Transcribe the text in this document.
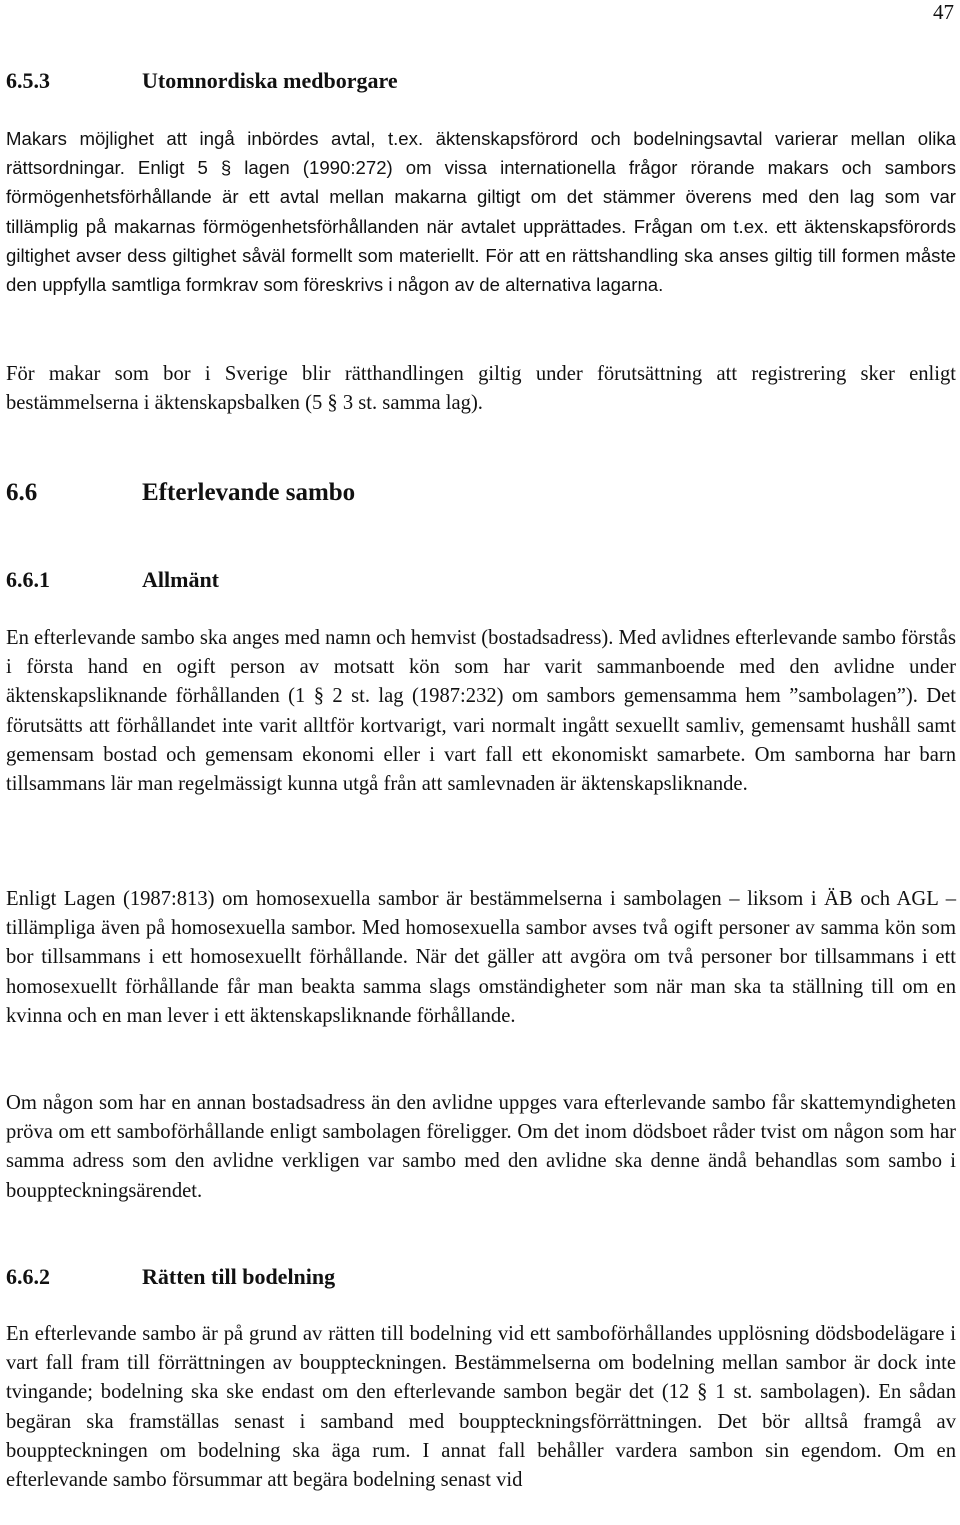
47
6.5.3	Utomnordiska medborgare

Makars möjlighet att ingå inbördes avtal, t.ex. äktenskapsförord och bodelningsavtal varierar mellan olika rättsordningar. Enligt 5 § lagen (1990:272) om vissa internationella frågor rörande makars och sambors förmögenhetsförhållande är ett avtal mellan makarna giltigt om det stämmer överens med den lag som var tillämplig på makarnas förmögenhetsförhållanden när avtalet upprättades. Frågan om t.ex. ett äktenskapsförords giltighet avser dess giltighet såväl formellt som materiellt. För att en rättshandling ska anses giltig till formen måste den uppfylla samtliga formkrav som föreskrivs i någon av de alternativa lagarna.

För makar som bor i Sverige blir rätthandlingen giltig under förutsättning att registrering sker enligt bestämmelserna i äktenskapsbalken (5 § 3 st. samma lag).

6.6	Efterlevande sambo
6.6.1	Allmänt

En efterlevande sambo ska anges med namn och hemvist (bostadsadress). Med avlidnes efterlevande sambo förstås i första hand en ogift person av motsatt kön som har varit sammanboende med den avlidne under äktenskapsliknande förhållanden (1 § 2 st. lag (1987:232) om sambors gemensamma hem ”sambolagen”). Det förutsätts att förhållandet inte varit alltför kortvarigt, vari normalt ingått sexuellt samliv, gemensamt hushåll samt gemensam bostad och gemensam ekonomi eller i vart fall ett ekonomiskt samarbete. Om samborna har barn tillsammans lär man regelmässigt kunna utgå från att samlevnaden är äktenskapsliknande.

Enligt Lagen (1987:813) om homosexuella sambor är bestämmelserna i sambolagen – liksom i ÄB och AGL – tillämpliga även på homosexuella sambor. Med homosexuella sambor avses två ogift personer av samma kön som bor tillsammans i ett homosexuellt förhållande. När det gäller att avgöra om två personer bor tillsammans i ett homosexuellt förhållande får man beakta samma slags omständigheter som när man ska ta ställning till om en kvinna och en man lever i ett äktenskapsliknande förhållande.

Om någon som har en annan bostadsadress än den avlidne uppges vara efterlevande sambo får skattemyndigheten pröva om ett samboförhållande enligt sambolagen föreligger. Om det inom dödsboet råder tvist om någon som har samma adress som den avlidne verkligen var sambo med den avlidne ska denne ändå behandlas som sambo i bouppteckningsärendet.

6.6.2	Rätten till bodelning

En efterlevande sambo är på grund av rätten till bodelning vid ett samboförhållandes upplösning dödsbodelägare i vart fall fram till förrättningen av bouppteckningen. Bestämmelserna om bodelning mellan sambor är dock inte tvingande; bodelning ska ske endast om den efterlevande sambon begär det (12 § 1 st. sambolagen). En sådan begäran ska framställas senast i samband med bouppteckningsförrättningen. Det bör alltså framgå av bouppteckningen om bodelning ska äga rum. I annat fall behåller vardera sambon sin egendom. Om en efterlevande sambo försummar att begära bodelning senast vid
